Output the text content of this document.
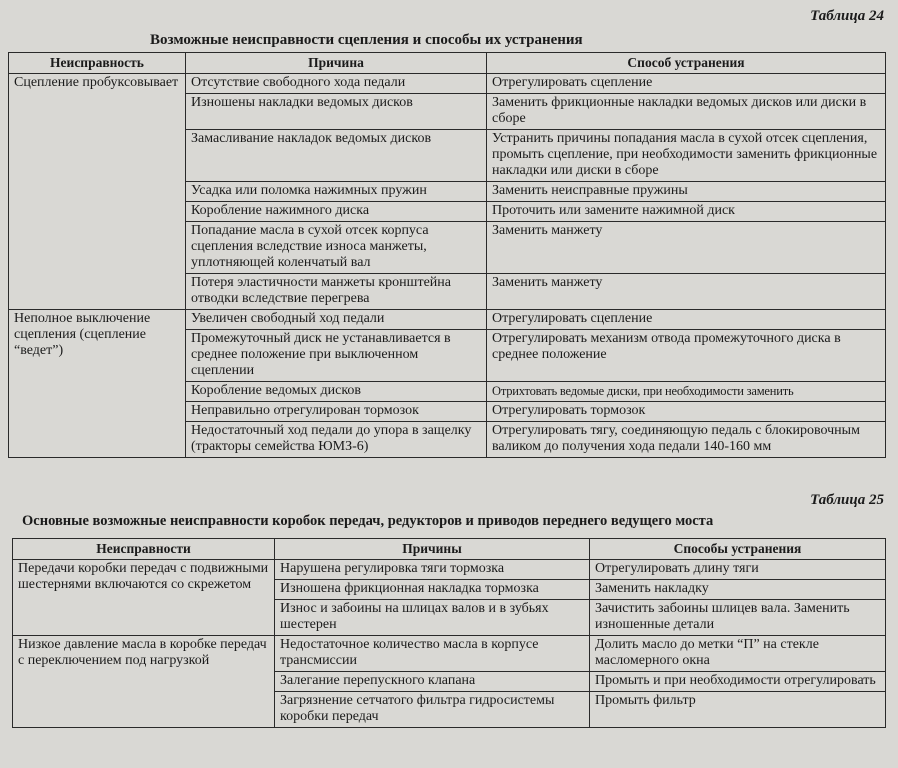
Таблица 24
Возможные неисправности сцепления и способы их устранения
Неисправность	Причина	Способ устранения
Сцепление пробуксовывает	Отсутствие свободного хода педали	Отрегулировать сцепление
	Изношены накладки ведомых дисков	Заменить фрикционные накладки ведомых дисков или диски в сборе
	Замасливание накладок ведомых дисков	Устранить причины попадания масла в сухой отсек сцепления, промыть сцепление, при необходимости заменить фрикционные накладки или диски в сборе
	Усадка или поломка нажимных пружин	Заменить неисправные пружины
	Коробление нажимного диска	Проточить или замените нажимной диск
	Попадание масла в сухой отсек корпуса сцепления вследствие износа манжеты, уплотняющей коленчатый вал	Заменить манжету
	Потеря эластичности манжеты кронштейна отводки вследствие перегрева	Заменить манжету
Неполное выключение сцепления (сцепление “ведет”)	Увеличен свободный ход педали	Отрегулировать сцепление
	Промежуточный диск не устанавливается в среднее положение при выключенном сцеплении	Отрегулировать механизм отвода промежуточного диска в среднее положение
	Коробление ведомых дисков	Отрихтовать ведомые диски, при необходимости заменить
	Неправильно отрегулирован тормозок	Отрегулировать тормозок
	Недостаточный ход педали до упора в защелку (тракторы семейства ЮМЗ-6)	Отрегулировать тягу, соединяющую педаль с блокировочным валиком до получения хода педали 140-160 мм
Таблица 25
Основные возможные неисправности коробок передач, редукторов и приводов переднего ведущего моста
Неисправности	Причины	Способы устранения
Передачи коробки передач с подвижными шестернями включаются со скрежетом	Нарушена регулировка тяги тормозка	Отрегулировать длину тяги
	Изношена фрикционная накладка тормозка	Заменить накладку
	Износ и забоины на шлицах валов и в зубьях шестерен	Зачистить забоины шлицев вала. Заменить изношенные детали
Низкое давление масла в коробке передач с переключением под нагрузкой	Недостаточное количество масла в корпусе трансмиссии	Долить масло до метки “П” на стекле масломерного окна
	Залегание перепускного клапана	Промыть и при необходимости отрегулировать
	Загрязнение сетчатого фильтра гидросистемы коробки передач	Промыть фильтр
